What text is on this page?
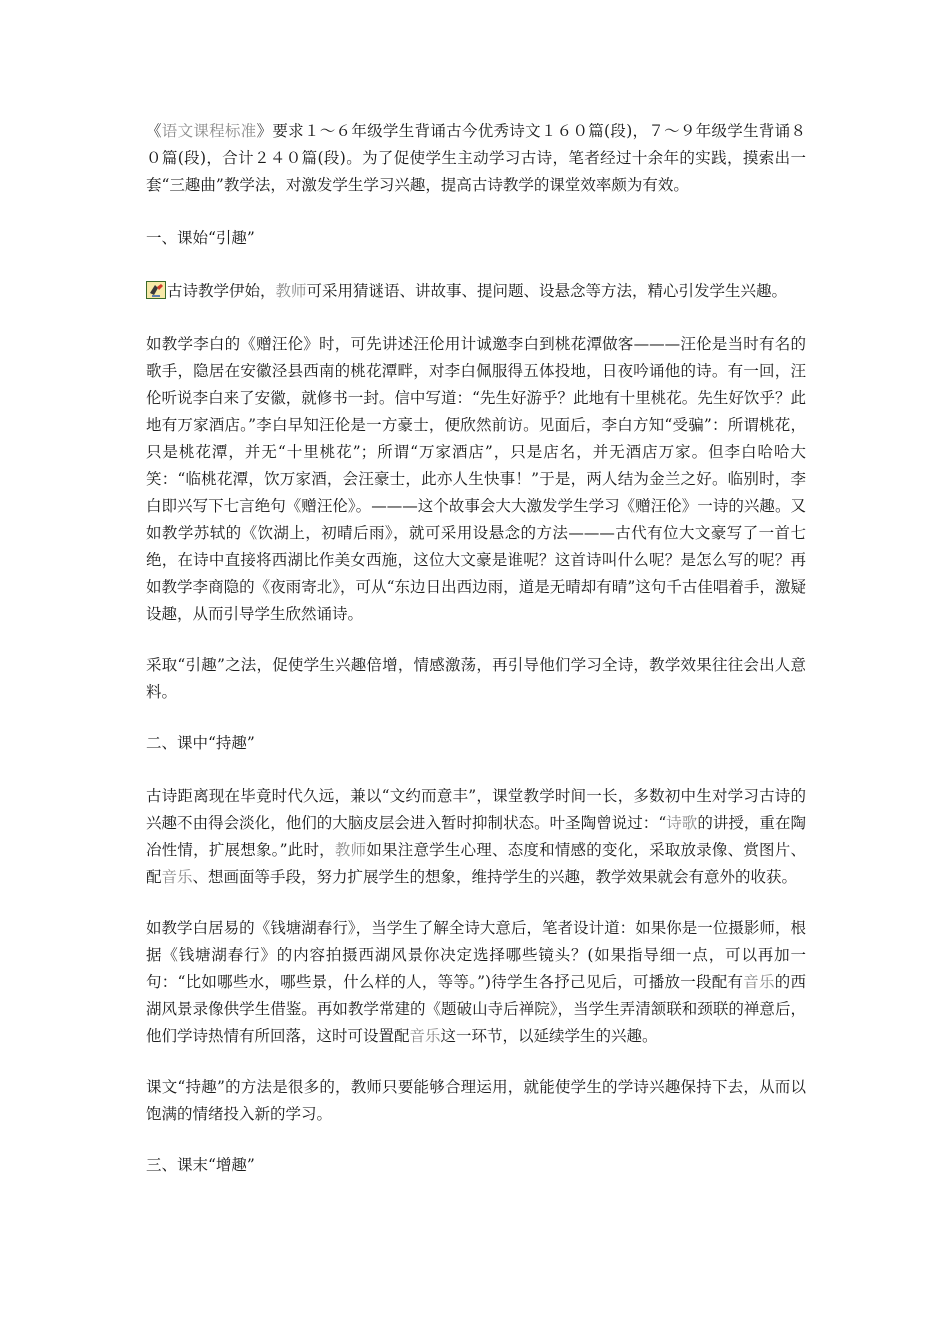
《语文课程标准》要求１～６年级学生背诵古今优秀诗文１６０篇(段)，７～９年级学生背诵８０篇(段)，合计２４０篇(段)。为了促使学生主动学习古诗，笔者经过十余年的实践，摸索出一套“三趣曲”教学法，对激发学生学习兴趣，提高古诗教学的课堂效率颇为有效。

一、课始“引趣”

古诗教学伊始，教师可采用猜谜语、讲故事、提问题、设悬念等方法，精心引发学生兴趣。

如教学李白的《赠汪伦》时，可先讲述汪伦用计诚邀李白到桃花潭做客———汪伦是当时有名的歌手，隐居在安徽泾县西南的桃花潭畔，对李白佩服得五体投地，日夜吟诵他的诗。有一回，汪伦听说李白来了安徽，就修书一封。信中写道：“先生好游乎？此地有十里桃花。先生好饮乎？此地有万家酒店。”李白早知汪伦是一方豪士，便欣然前访。见面后，李白方知“受骗”：所谓桃花，只是桃花潭，并无“十里桃花”；所谓“万家酒店”，只是店名，并无酒店万家。但李白哈哈大笑：“临桃花潭，饮万家酒，会汪豪士，此亦人生快事！”于是，两人结为金兰之好。临别时，李白即兴写下七言绝句《赠汪伦》。———这个故事会大大激发学生学习《赠汪伦》一诗的兴趣。又如教学苏轼的《饮湖上，初晴后雨》，就可采用设悬念的方法———古代有位大文豪写了一首七绝，在诗中直接将西湖比作美女西施，这位大文豪是谁呢？这首诗叫什么呢？是怎么写的呢？再如教学李商隐的《夜雨寄北》，可从“东边日出西边雨，道是无晴却有晴”这句千古佳唱着手，激疑设趣，从而引导学生欣然诵诗。

采取“引趣”之法，促使学生兴趣倍增，情感激荡，再引导他们学习全诗，教学效果往往会出人意料。

二、课中“持趣”

古诗距离现在毕竟时代久远，兼以“文约而意丰”，课堂教学时间一长，多数初中生对学习古诗的兴趣不由得会淡化，他们的大脑皮层会进入暂时抑制状态。叶圣陶曾说过：“诗歌的讲授，重在陶冶性情，扩展想象。”此时，教师如果注意学生心理、态度和情感的变化，采取放录像、赏图片、配音乐、想画面等手段，努力扩展学生的想象，维持学生的兴趣，教学效果就会有意外的收获。

如教学白居易的《钱塘湖春行》，当学生了解全诗大意后，笔者设计道：如果你是一位摄影师，根据《钱塘湖春行》的内容拍摄西湖风景你决定选择哪些镜头？(如果指导细一点，可以再加一句：“比如哪些水，哪些景，什么样的人，等等。”)待学生各抒己见后，可播放一段配有音乐的西湖风景录像供学生借鉴。再如教学常建的《题破山寺后禅院》，当学生弄清颔联和颈联的禅意后，他们学诗热情有所回落，这时可设置配音乐这一环节，以延续学生的兴趣。

课文“持趣”的方法是很多的，教师只要能够合理运用，就能使学生的学诗兴趣保持下去，从而以饱满的情绪投入新的学习。

三、课末“增趣”
